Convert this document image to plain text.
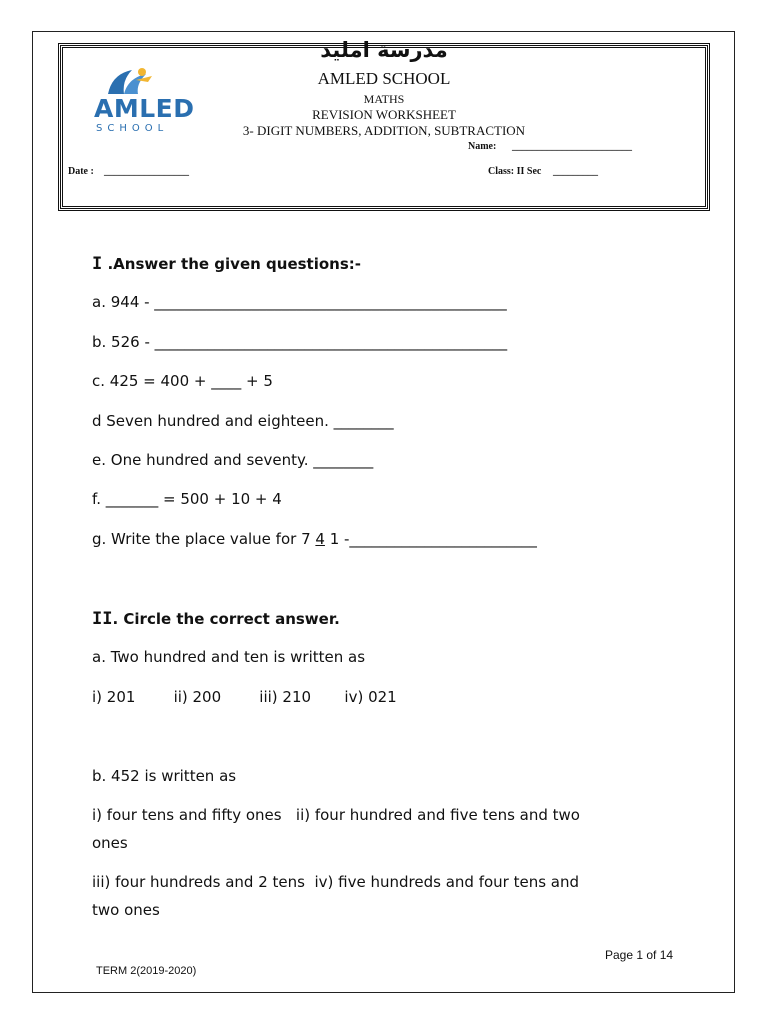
AMLED
SCHOOL
مدرسة امليد
AMLED SCHOOL
MATHS
REVISION WORKSHEET
3- DIGIT NUMBERS, ADDITION, SUBTRACTION
Name: ________________________
Date : _________________	Class: II Sec _________
I .Answer the given questions:-
a. 944 - _______________________________________________
b. 526 - _______________________________________________
c. 425 = 400 + ____ + 5
d Seven hundred and eighteen. ________
e. One hundred and seventy. ________
f. _______ = 500 + 10 + 4
g. Write the place value for 7 4 1 -_________________________
II. Circle the correct answer.
a. Two hundred and ten is written as
i) 201        ii) 200        iii) 210       iv) 021
b. 452 is written as
i) four tens and fifty ones   ii) four hundred and five tens and two
ones
iii) four hundreds and 2 tens  iv) five hundreds and four tens and
two ones
Page 1 of 14
TERM 2(2019-2020)
